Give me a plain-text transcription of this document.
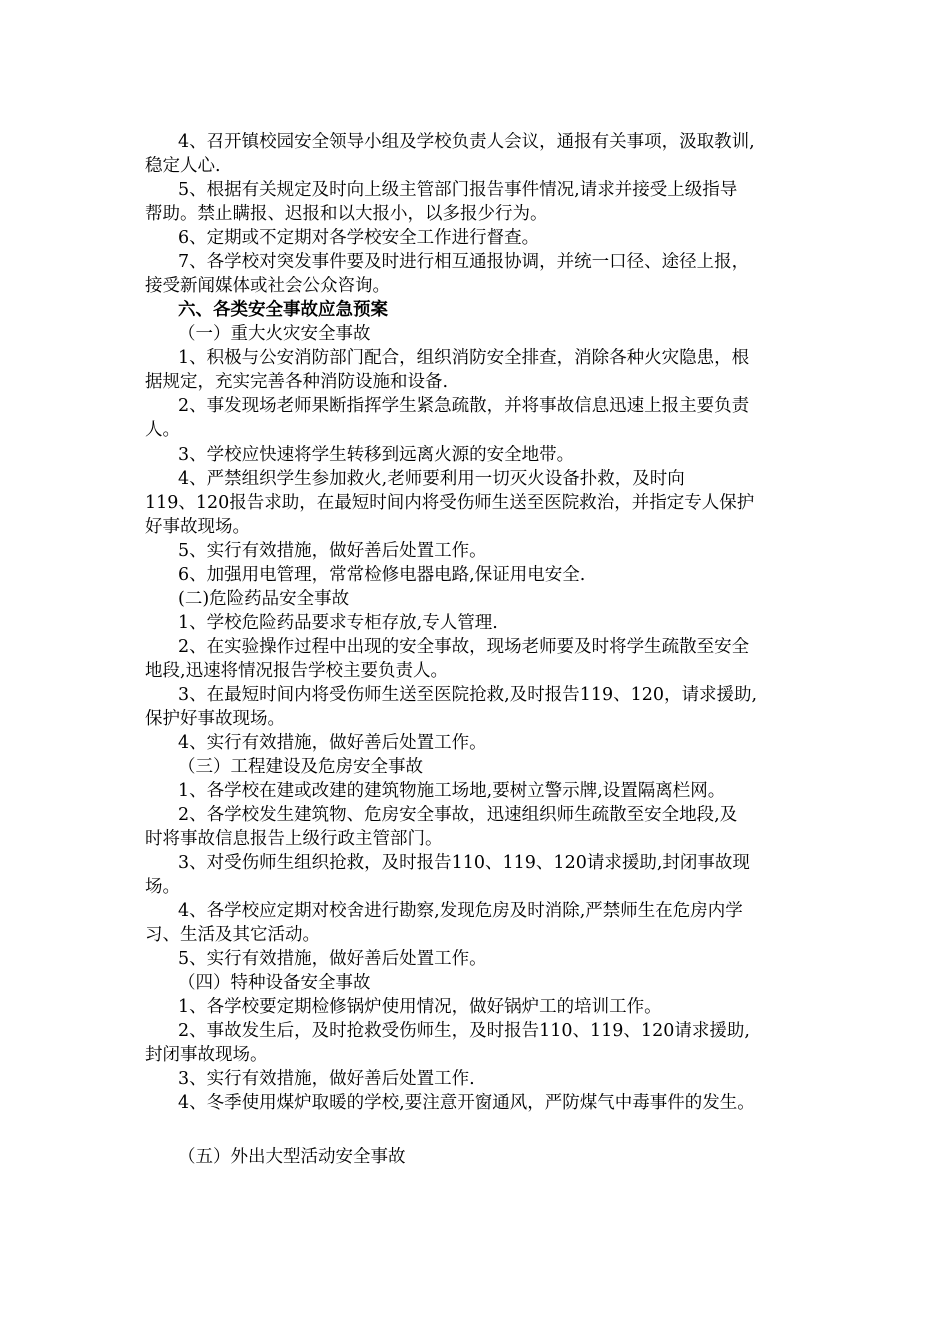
4、召开镇校园安全领导小组及学校负责人会议，通报有关事项，汲取教训,
稳定人心.
5、根据有关规定及时向上级主管部门报告事件情况,请求并接受上级指导
帮助。禁止瞒报、迟报和以大报小，以多报少行为。
6、定期或不定期对各学校安全工作进行督查。
7、各学校对突发事件要及时进行相互通报协调，并统一口径、途径上报，
接受新闻媒体或社会公众咨询。
六、各类安全事故应急预案
（一）重大火灾安全事故
1、积极与公安消防部门配合，组织消防安全排查，消除各种火灾隐患，根
据规定，充实完善各种消防设施和设备.
2、事发现场老师果断指挥学生紧急疏散，并将事故信息迅速上报主要负责
人。
3、学校应快速将学生转移到远离火源的安全地带。
4、严禁组织学生参加救火,老师要利用一切灭火设备扑救，及时向
119、120报告求助，在最短时间内将受伤师生送至医院救治，并指定专人保护
好事故现场。
5、实行有效措施，做好善后处置工作。
6、加强用电管理，常常检修电器电路,保证用电安全.
(二)危险药品安全事故
1、学校危险药品要求专柜存放,专人管理.
2、在实验操作过程中出现的安全事故，现场老师要及时将学生疏散至安全
地段,迅速将情况报告学校主要负责人。
3、在最短时间内将受伤师生送至医院抢救,及时报告119、120，请求援助,
保护好事故现场。
4、实行有效措施，做好善后处置工作。
（三）工程建设及危房安全事故
1、各学校在建或改建的建筑物施工场地,要树立警示牌,设置隔离栏网。
2、各学校发生建筑物、危房安全事故，迅速组织师生疏散至安全地段,及
时将事故信息报告上级行政主管部门。
3、对受伤师生组织抢救，及时报告110、119、120请求援助,封闭事故现
场。
4、各学校应定期对校舍进行勘察,发现危房及时消除,严禁师生在危房内学
习、生活及其它活动。
5、实行有效措施，做好善后处置工作。
（四）特种设备安全事故
1、各学校要定期检修锅炉使用情况，做好锅炉工的培训工作。
2、事故发生后，及时抢救受伤师生，及时报告110、119、120请求援助,
封闭事故现场。
3、实行有效措施，做好善后处置工作.
4、冬季使用煤炉取暖的学校,要注意开窗通风，严防煤气中毒事件的发生。
（五）外出大型活动安全事故
